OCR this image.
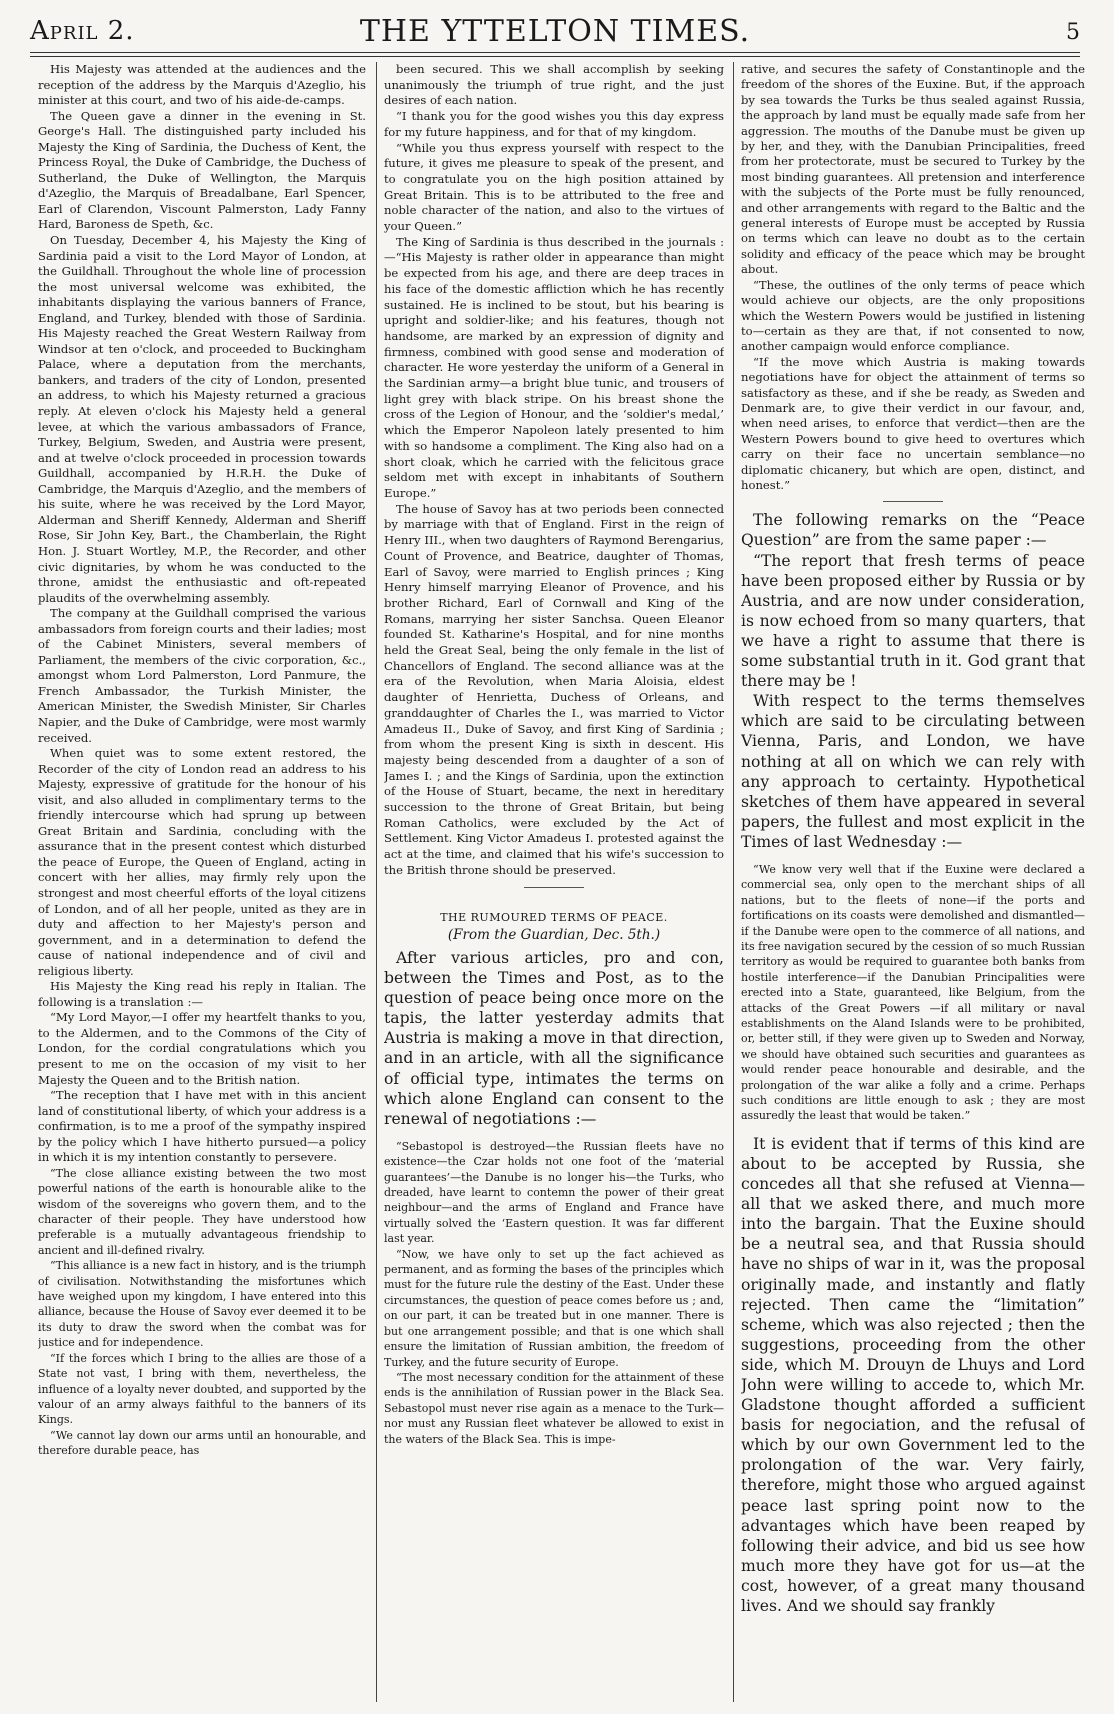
April 2.	THE YTTELTON TIMES.	5

His Majesty was attended at the audiences and the reception of the address by the Marquis d'Azeglio, his minister at this court, and two of his aide-de-camps.

The Queen gave a dinner in the evening in St. George's Hall. The distinguished party included his Majesty the King of Sardinia, the Duchess of Kent, the Princess Royal, the Duke of Cambridge, the Duchess of Sutherland, the Duke of Wellington, the Marquis d'Azeglio, the Marquis of Breadalbane, Earl Spencer, Earl of Clarendon, Viscount Palmerston, Lady Fanny Hard, Baroness de Speth, &c.

On Tuesday, December 4, his Majesty the King of Sardinia paid a visit to the Lord Mayor of London, at the Guildhall. Throughout the whole line of procession the most universal welcome was exhibited, the inhabitants displaying the various banners of France, England, and Turkey, blended with those of Sardinia. His Majesty reached the Great Western Railway from Windsor at ten o'clock, and proceeded to Buckingham Palace, where a deputation from the merchants, bankers, and traders of the city of London, presented an address, to which his Majesty returned a gracious reply. At eleven o'clock his Majesty held a general levee, at which the various ambassadors of France, Turkey, Belgium, Sweden, and Austria were present, and at twelve o'clock proceeded in procession towards Guildhall, accompanied by H.R.H. the Duke of Cambridge, the Marquis d'Azeglio, and the members of his suite, where he was received by the Lord Mayor, Alderman and Sheriff Kennedy, Alderman and Sheriff Rose, Sir John Key, Bart., the Chamberlain, the Right Hon. J. Stuart Wortley, M.P., the Recorder, and other civic dignitaries, by whom he was conducted to the throne, amidst the enthusiastic and oft-repeated plaudits of the overwhelming assembly.

The company at the Guildhall comprised the various ambassadors from foreign courts and their ladies; most of the Cabinet Ministers, several members of Parliament, the members of the civic corporation, &c., amongst whom Lord Palmerston, Lord Panmure, the French Ambassador, the Turkish Minister, the American Minister, the Swedish Minister, Sir Charles Napier, and the Duke of Cambridge, were most warmly received.

When quiet was to some extent restored, the Recorder of the city of London read an address to his Majesty, expressive of gratitude for the honour of his visit, and also alluded in complimentary terms to the friendly intercourse which had sprung up between Great Britain and Sardinia, concluding with the assurance that in the present contest which disturbed the peace of Europe, the Queen of England, acting in concert with her allies, may firmly rely upon the strongest and most cheerful efforts of the loyal citizens of London, and of all her people, united as they are in duty and affection to her Majesty's person and government, and in a determination to defend the cause of national independence and of civil and religious liberty.

His Majesty the King read his reply in Italian. The following is a translation :—

“My Lord Mayor,—I offer my heartfelt thanks to you, to the Aldermen, and to the Commons of the City of London, for the cordial congratulations which you present to me on the occasion of my visit to her Majesty the Queen and to the British nation.

“The reception that I have met with in this ancient land of constitutional liberty, of which your address is a confirmation, is to me a proof of the sympathy inspired by the policy which I have hitherto pursued—a policy in which it is my intention constantly to persevere.

“The close alliance existing between the two most powerful nations of the earth is honourable alike to the wisdom of the sovereigns who govern them, and to the character of their people. They have understood how preferable is a mutually advantageous friendship to ancient and ill-defined rivalry.

“This alliance is a new fact in history, and is the triumph of civilisation. Notwithstanding the misfortunes which have weighed upon my kingdom, I have entered into this alliance, because the House of Savoy ever deemed it to be its duty to draw the sword when the combat was for justice and for independence.

“If the forces which I bring to the allies are those of a State not vast, I bring with them, nevertheless, the influence of a loyalty never doubted, and supported by the valour of an army always faithful to the banners of its Kings.

“We cannot lay down our arms until an honourable, and therefore durable peace, has

been secured. This we shall accomplish by seeking unanimously the triumph of true right, and the just desires of each nation.

“I thank you for the good wishes you this day express for my future happiness, and for that of my kingdom.

“While you thus express yourself with respect to the future, it gives me pleasure to speak of the present, and to congratulate you on the high position attained by Great Britain. This is to be attributed to the free and noble character of the nation, and also to the virtues of your Queen.”

The King of Sardinia is thus described in the journals :—“His Majesty is rather older in appearance than might be expected from his age, and there are deep traces in his face of the domestic affliction which he has recently sustained. He is inclined to be stout, but his bearing is upright and soldier-like; and his features, though not handsome, are marked by an expression of dignity and firmness, combined with good sense and moderation of character. He wore yesterday the uniform of a General in the Sardinian army—a bright blue tunic, and trousers of light grey with black stripe. On his breast shone the cross of the Legion of Honour, and the ‘soldier's medal,’ which the Emperor Napoleon lately presented to him with so handsome a compliment. The King also had on a short cloak, which he carried with the felicitous grace seldom met with except in inhabitants of Southern Europe.”

The house of Savoy has at two periods been connected by marriage with that of England. First in the reign of Henry III., when two daughters of Raymond Berengarius, Count of Provence, and Beatrice, daughter of Thomas, Earl of Savoy, were married to English princes ; King Henry himself marrying Eleanor of Provence, and his brother Richard, Earl of Cornwall and King of the Romans, marrying her sister Sanchsa. Queen Eleanor founded St. Katharine's Hospital, and for nine months held the Great Seal, being the only female in the list of Chancellors of England. The second alliance was at the era of the Revolution, when Maria Aloisia, eldest daughter of Henrietta, Duchess of Orleans, and granddaughter of Charles the I., was married to Victor Amadeus II., Duke of Savoy, and first King of Sardinia ; from whom the present King is sixth in descent. His majesty being descended from a daughter of a son of James I. ; and the Kings of Sardinia, upon the extinction of the House of Stuart, became, the next in hereditary succession to the throne of Great Britain, but being Roman Catholics, were excluded by the Act of Settlement. King Victor Amadeus I. protested against the act at the time, and claimed that his wife's succession to the British throne should be preserved.

THE RUMOURED TERMS OF PEACE.

(From the Guardian, Dec. 5th.)

After various articles, pro and con, between the Times and Post, as to the question of peace being once more on the tapis, the latter yesterday admits that Austria is making a move in that direction, and in an article, with all the significance of official type, intimates the terms on which alone England can consent to the renewal of negotiations :—

“Sebastopol is destroyed—the Russian fleets have no existence—the Czar holds not one foot of the ‘material guarantees’—the Danube is no longer his—the Turks, who dreaded, have learnt to contemn the power of their great neighbour—and the arms of England and France have virtually solved the ‘Eastern question. It was far different last year.

“Now, we have only to set up the fact achieved as permanent, and as forming the bases of the principles which must for the future rule the destiny of the East. Under these circumstances, the question of peace comes before us ; and, on our part, it can be treated but in one manner. There is but one arrangement possible; and that is one which shall ensure the limitation of Russian ambition, the freedom of Turkey, and the future security of Europe.

“The most necessary condition for the attainment of these ends is the annihilation of Russian power in the Black Sea. Sebastopol must never rise again as a menace to the Turk—nor must any Russian fleet whatever be allowed to exist in the waters of the Black Sea. This is impe-

rative, and secures the safety of Constantinople and the freedom of the shores of the Euxine. But, if the approach by sea towards the Turks be thus sealed against Russia, the approach by land must be equally made safe from her aggression. The mouths of the Danube must be given up by her, and they, with the Danubian Principalities, freed from her protectorate, must be secured to Turkey by the most binding guarantees. All pretension and interference with the subjects of the Porte must be fully renounced, and other arrangements with regard to the Baltic and the general interests of Europe must be accepted by Russia on terms which can leave no doubt as to the certain solidity and efficacy of the peace which may be brought about.

“These, the outlines of the only terms of peace which would achieve our objects, are the only propositions which the Western Powers would be justified in listening to—certain as they are that, if not consented to now, another campaign would enforce compliance.

“If the move which Austria is making towards negotiations have for object the attainment of terms so satisfactory as these, and if she be ready, as Sweden and Denmark are, to give their verdict in our favour, and, when need arises, to enforce that verdict—then are the Western Powers bound to give heed to overtures which carry on their face no uncertain semblance—no diplomatic chicanery, but which are open, distinct, and honest.”

The following remarks on the “Peace Question” are from the same paper :—

“The report that fresh terms of peace have been proposed either by Russia or by Austria, and are now under consideration, is now echoed from so many quarters, that we have a right to assume that there is some substantial truth in it. God grant that there may be !

With respect to the terms themselves which are said to be circulating between Vienna, Paris, and London, we have nothing at all on which we can rely with any approach to certainty. Hypothetical sketches of them have appeared in several papers, the fullest and most explicit in the Times of last Wednesday :—

“We know very well that if the Euxine were declared a commercial sea, only open to the merchant ships of all nations, but to the fleets of none—if the ports and fortifications on its coasts were demolished and dismantled—if the Danube were open to the commerce of all nations, and its free navigation secured by the cession of so much Russian territory as would be required to guarantee both banks from hostile interference—if the Danubian Principalities were erected into a State, guaranteed, like Belgium, from the attacks of the Great Powers —if all military or naval establishments on the Aland Islands were to be prohibited, or, better still, if they were given up to Sweden and Norway, we should have obtained such securities and guarantees as would render peace honourable and desirable, and the prolongation of the war alike a folly and a crime. Perhaps such conditions are little enough to ask ; they are most assuredly the least that would be taken.”

It is evident that if terms of this kind are about to be accepted by Russia, she concedes all that she refused at Vienna—all that we asked there, and much more into the bargain. That the Euxine should be a neutral sea, and that Russia should have no ships of war in it, was the proposal originally made, and instantly and flatly rejected. Then came the “limitation” scheme, which was also rejected ; then the suggestions, proceeding from the other side, which M. Drouyn de Lhuys and Lord John were willing to accede to, which Mr. Gladstone thought afforded a sufficient basis for negociation, and the refusal of which by our own Government led to the prolongation of the war. Very fairly, therefore, might those who argued against peace last spring point now to the advantages which have been reaped by following their advice, and bid us see how much more they have got for us—at the cost, however, of a great many thousand lives. And we should say frankly
